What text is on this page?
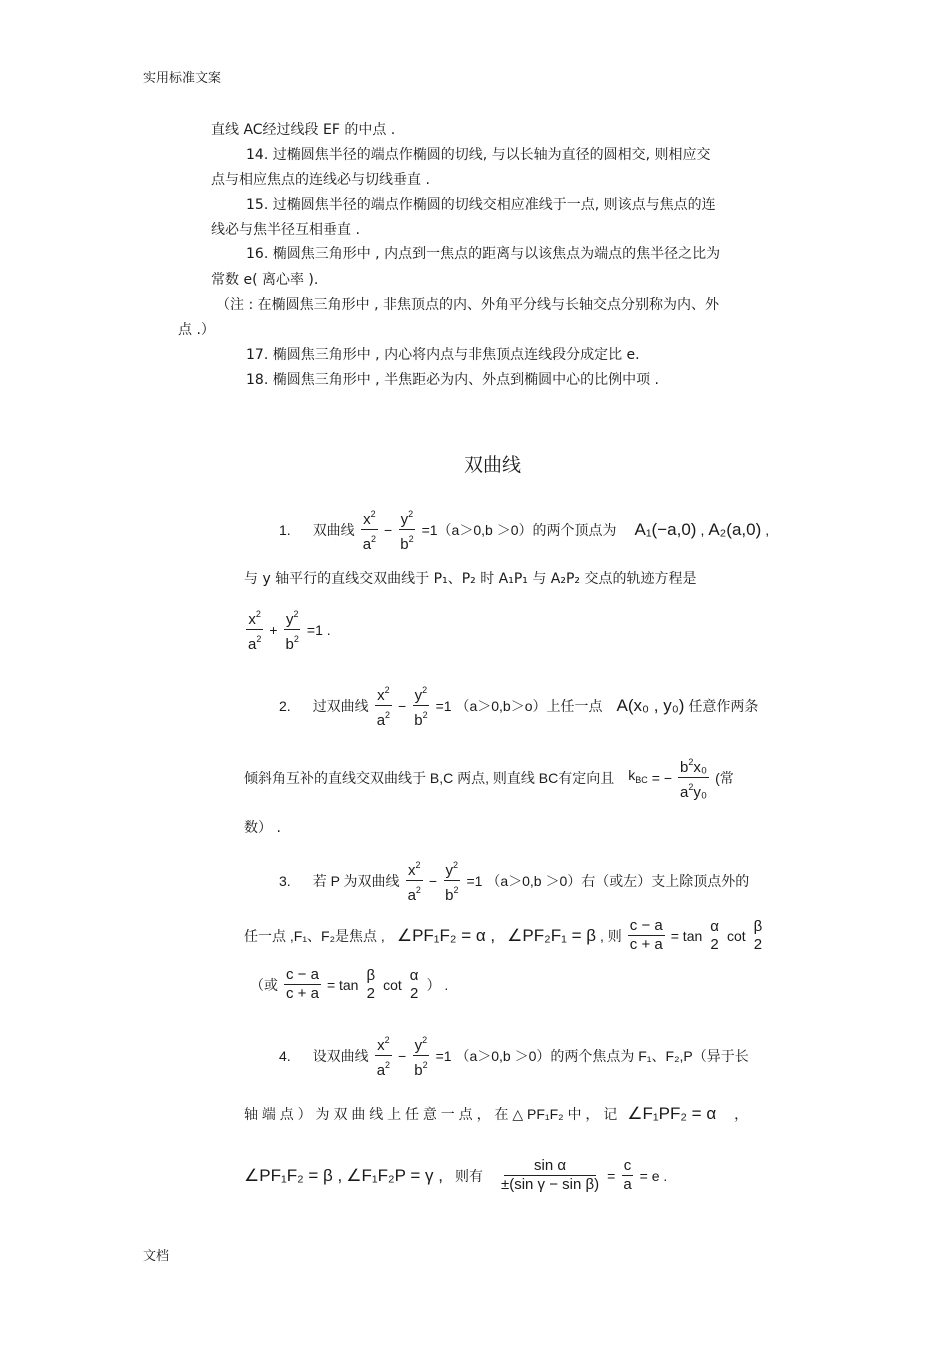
实用标准文案
文档
直线 AC经过线段 EF 的中点 .
14. 过椭圆焦半径的端点作椭圆的切线, 与以长轴为直径的圆相交, 则相应交
点与相应焦点的连线必与切线垂直 .
15. 过椭圆焦半径的端点作椭圆的切线交相应准线于一点, 则该点与焦点的连
线必与焦半径互相垂直 .
16. 椭圆焦三角形中 , 内点到一焦点的距离与以该焦点为端点的焦半径之比为
常数 e( 离心率 ).
（注 : 在椭圆焦三角形中 , 非焦顶点的内、外角平分线与长轴交点分别称为内、外
点 .）
17. 椭圆焦三角形中 , 内心将内点与非焦顶点连线段分成定比 e.
18. 椭圆焦三角形中 , 半焦距必为内、外点到椭圆中心的比例中项 .
双曲线
1. 双曲线 $\frac{x^2}{a^2} - \frac{y^2}{b^2} =1(a>0,b >0)$的两个顶点为 A₁(−a,0) , A₂(a,0) ,
与 y 轴平行的直线交双曲线于 P₁、P₂ 时 A₁P₁ 与 A₂P₂ 交点的轨迹方程是
$\frac{x^2}{a^2} + \frac{y^2}{b^2} =1$ .
2. 过双曲线 $\frac{x^2}{a^2} - \frac{y^2}{b^2} =1$ （a＞0,b＞o）上任一点 A(x₀ , y₀) 任意作两条
倾斜角互补的直线交双曲线于 B,C 两点, 则直线 BC有定向且 $k_{BC}$ = − $\frac{b^2x_0}{a^2y_0}$ (常
数） .
3. 若 P 为双曲线 $\frac{x^2}{a^2} - \frac{y^2}{b^2} =1$ （a＞0,b ＞0）右（或左）支上除顶点外的
任一点 ,F₁、F₂是焦点 , ∠PF₁F₂ = α , ∠PF₂F₁ = β , 则 $\frac{c - a}{c + a} = \tan$
α
2 cot
β
2
（或 $\frac{c - a}{c + a} = \tan$
β
2 cot
α
2 ） .
4. 设双曲线 $\frac{x^2}{a^2} - \frac{y^2}{b^2} =1$ （a＞0,b ＞0）的两个焦点为 F₁、F₂,P（异于长
轴 端 点 ） 为 双 曲 线 上 任 意 一 点 ， 在 △ PF₁F₂ 中 ， 记 ∠F₁PF₂ = α ，
∠PF₁F₂ = β , ∠F₁F₂P = γ , 则有 $\frac{\text{sin α}}{\text{±(sin γ − sin β)}} = \frac{c}{a} = e$ .
